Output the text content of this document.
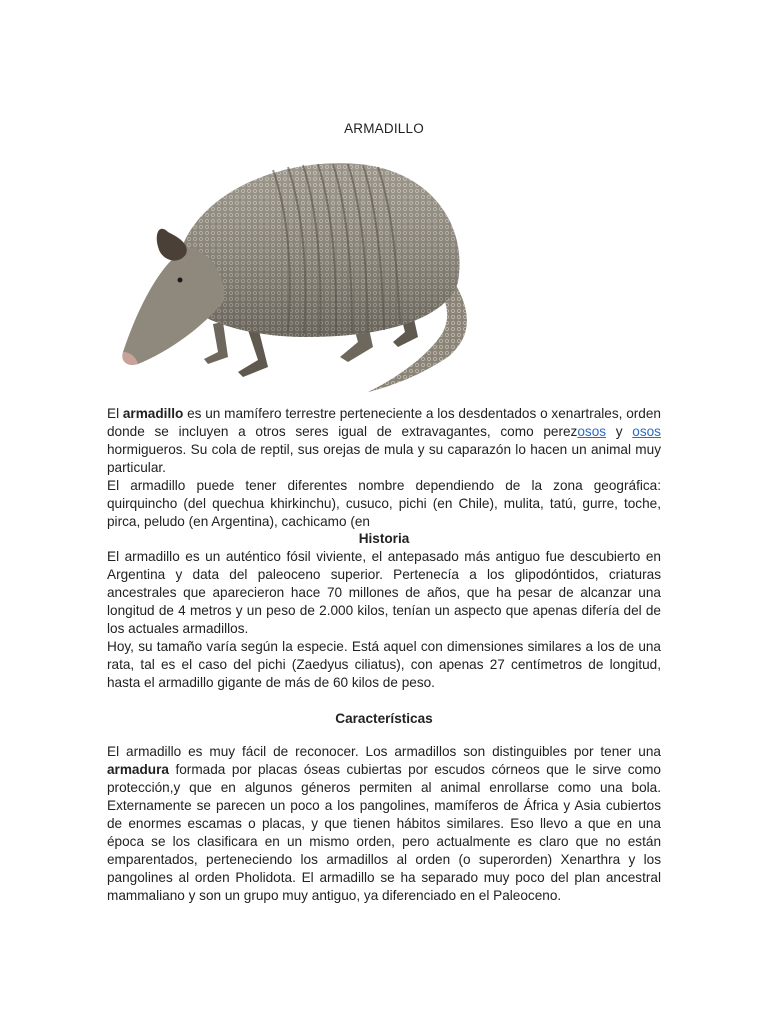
ARMADILLO

El armadillo es un mamífero terrestre perteneciente a los desdentados o xenartrales, orden donde se incluyen a otros seres igual de extravagantes, como perezosos y osos hormigueros. Su cola de reptil, sus orejas de mula y su caparazón lo hacen un animal muy particular.

El armadillo puede tener diferentes nombre dependiendo de la zona geográfica: quirquincho (del quechua khirkinchu), cusuco, pichi (en Chile), mulita, tatú, gurre, toche, pirca, peludo (en Argentina), cachicamo (en

Historia

El armadillo es un auténtico fósil viviente, el antepasado más antiguo fue descubierto en Argentina y data del paleoceno superior. Pertenecía a los glipodóntidos, criaturas ancestrales que aparecieron hace 70 millones de años, que ha pesar de alcanzar una longitud de 4 metros y un peso de 2.000 kilos, tenían un aspecto que apenas difería del de los actuales armadillos.

Hoy, su tamaño varía según la especie. Está aquel con dimensiones similares a los de una rata, tal es el caso del pichi (Zaedyus ciliatus), con apenas 27 centímetros de longitud, hasta el armadillo gigante de más de 60 kilos de peso.

Características

El armadillo es muy fácil de reconocer. Los armadillos son distinguibles por tener una armadura formada por placas óseas cubiertas por escudos córneos que le sirve como protección,y que en algunos géneros permiten al animal enrollarse como una bola. Externamente se parecen un poco a los pangolines, mamíferos de África y Asia cubiertos de enormes escamas o placas, y que tienen hábitos similares. Eso llevo a que en una época se los clasificara en un mismo orden, pero actualmente es claro que no están emparentados, perteneciendo los armadillos al orden (o superorden) Xenarthra y los pangolines al orden Pholidota. El armadillo se ha separado muy poco del plan ancestral mammaliano y son un grupo muy antiguo, ya diferenciado en el Paleoceno.
